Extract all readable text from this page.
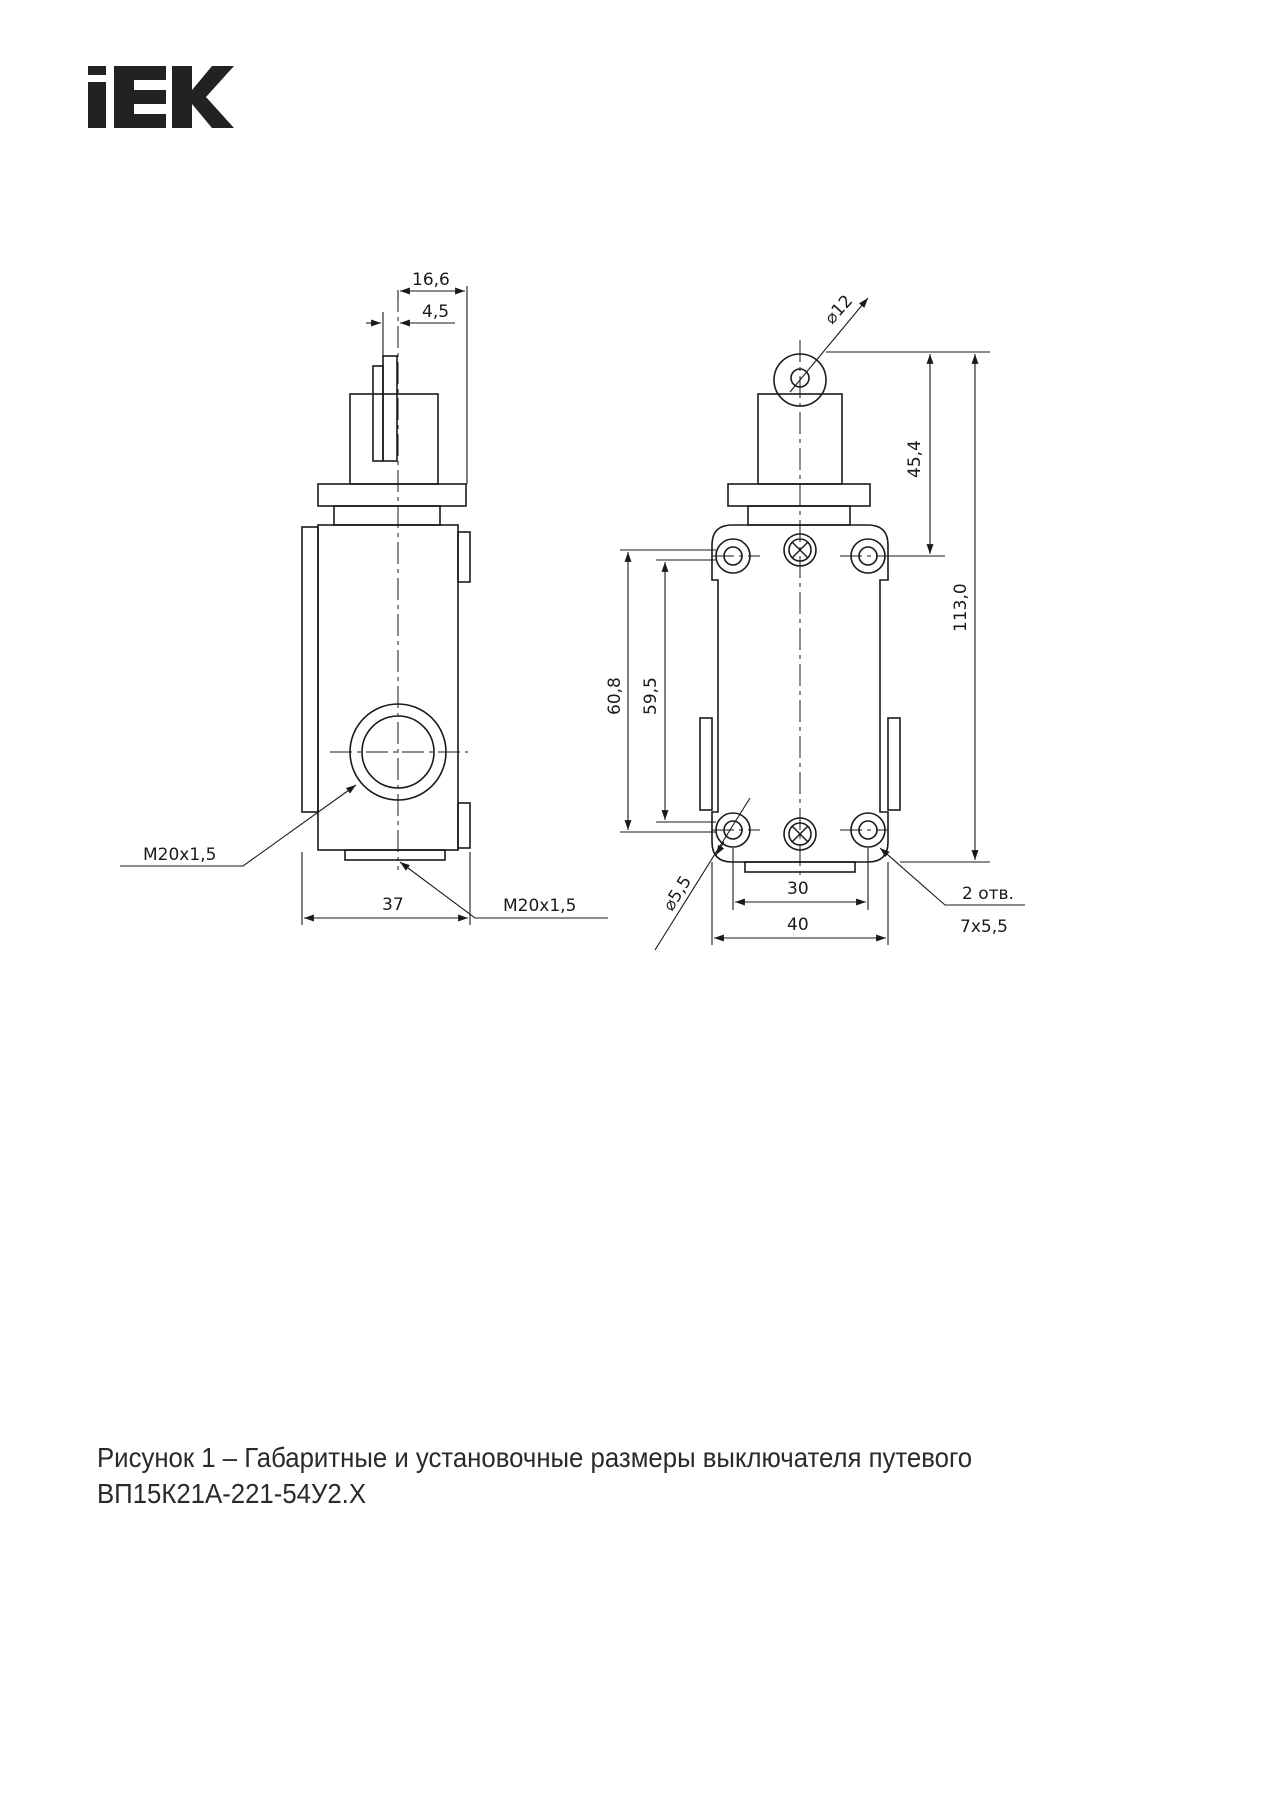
16,6
4,5
M20x1,5
37	M20x1,5
⌀12
45,4
113,0
60,8 59,5
⌀5,5	30
40
2 отв.
7x5,5
Рисунок 1 – Габаритные и установочные размеры выключателя путевого
ВП15К21А-221-54У2.Х
